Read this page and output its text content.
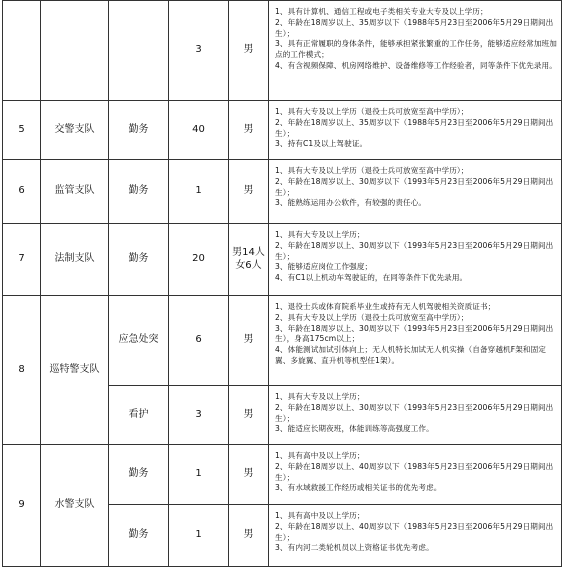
			3	男	1、具有计算机、通信工程或电子类相关专业大专及以上学历；
2、年龄在18周岁以上、35周岁以下（1988年5月23日至2006年5月29日期间出生）；
3、具有正常履职的身体条件，能够承担紧张繁重的工作任务，能够适应经常加班加点的工作模式；
4、有含视频保障、机房网络维护、设备维修等工作经验者，同等条件下优先录用。

5	交警支队	勤务	40	男	1、具有大专及以上学历（退役士兵可放宽至高中学历）；
2、年龄在18周岁以上、35周岁以下（1988年5月23日至2006年5月29日期间出生）；
3、持有C1及以上驾驶证。

6	监管支队	勤务	1	男	1、具有大专及以上学历（退役士兵可放宽至高中学历）；
2、年龄在18周岁以上、30周岁以下（1993年5月23日至2006年5月29日期间出生）；
3、能熟练运用办公软件，有较强的责任心。

7	法制支队	勤务	20	男14人
女6人	1、具有大专及以上学历；
2、年龄在18周岁以上、30周岁以下（1993年5月23日至2006年5月29日期间出生）；
3、能够适应岗位工作强度；
4、有C1以上机动车驾驶证的，在同等条件下优先录用。

8	巡特警支队	应急处突	6	男	1、退役士兵或体育院系毕业生或持有无人机驾驶相关资质证书；
2、具有大专及以上学历（退役士兵可放宽至高中学历）；
3、年龄在18周岁以上、30周岁以下（1993年5月23日至2006年5月29日期间出生），身高175cm以上；
4、体能测试加试引体向上；无人机特长加试无人机实操（自备穿越机F架和固定翼、多旋翼、直升机等机型任1架）。

		看护	3	男	1、具有大专及以上学历；
2、年龄在18周岁以上、30周岁以下（1993年5月23日至2006年5月29日期间出生）；
3、能适应长期夜班，体能训练等高强度工作。

9	水警支队	勤务	1	男	1、具有高中及以上学历；
2、年龄在18周岁以上、40周岁以下（1983年5月23日至2006年5月29日期间出生）；
3、有水域救援工作经历或相关证书的优先考虑。

		勤务	1	男	1、具有高中及以上学历；
2、年龄在18周岁以上、40周岁以下（1983年5月23日至2006年5月29日期间出生）；
3、有内河二类轮机员以上资格证书优先考虑。
